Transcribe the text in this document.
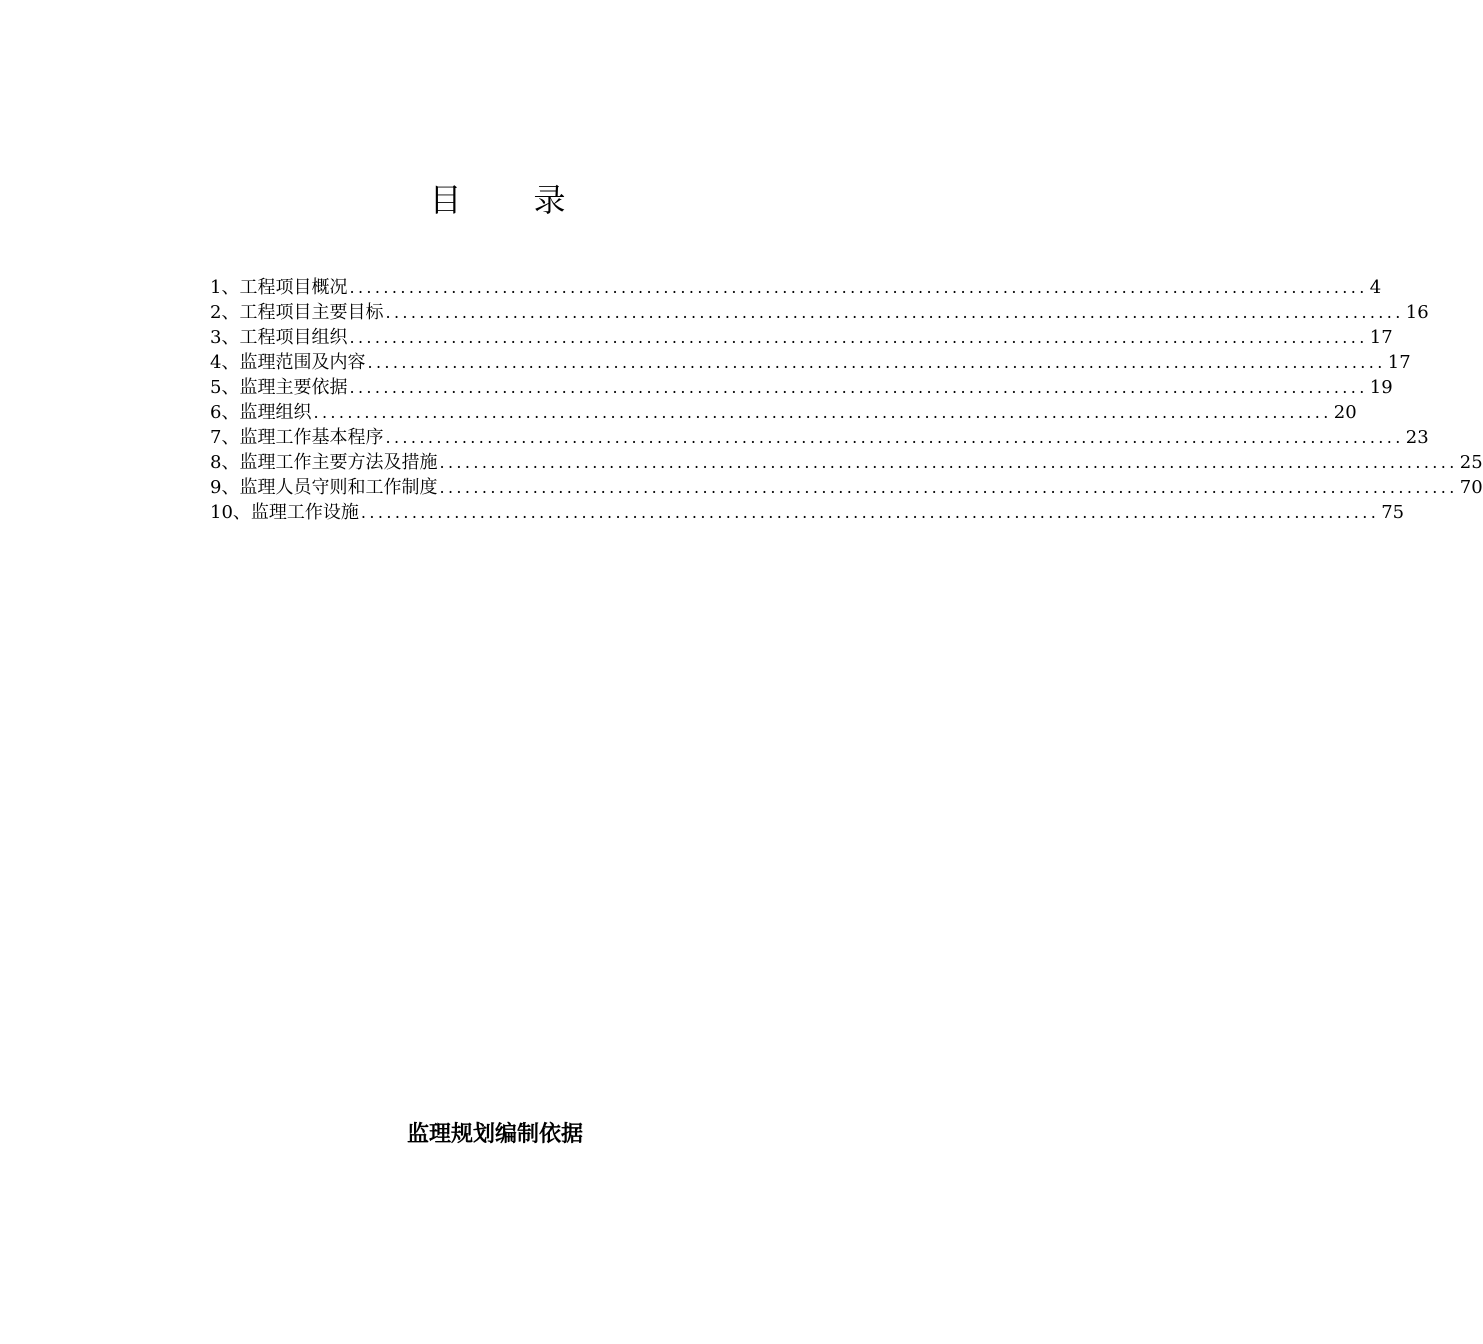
目 录
1、工程项目概况 ........................................................................................................................ 4
2、工程项目主要目标 ........................................................................................................................ 16
3、工程项目组织 ........................................................................................................................ 17
4、监理范围及内容 ........................................................................................................................ 17
5、监理主要依据 ........................................................................................................................ 19
6、监理组织 ........................................................................................................................ 20
7、监理工作基本程序 ........................................................................................................................ 23
8、监理工作主要方法及措施 ........................................................................................................................ 25
9、监理人员守则和工作制度 ........................................................................................................................ 70
10、监理工作设施 ........................................................................................................................ 75
监理规划编制依据
